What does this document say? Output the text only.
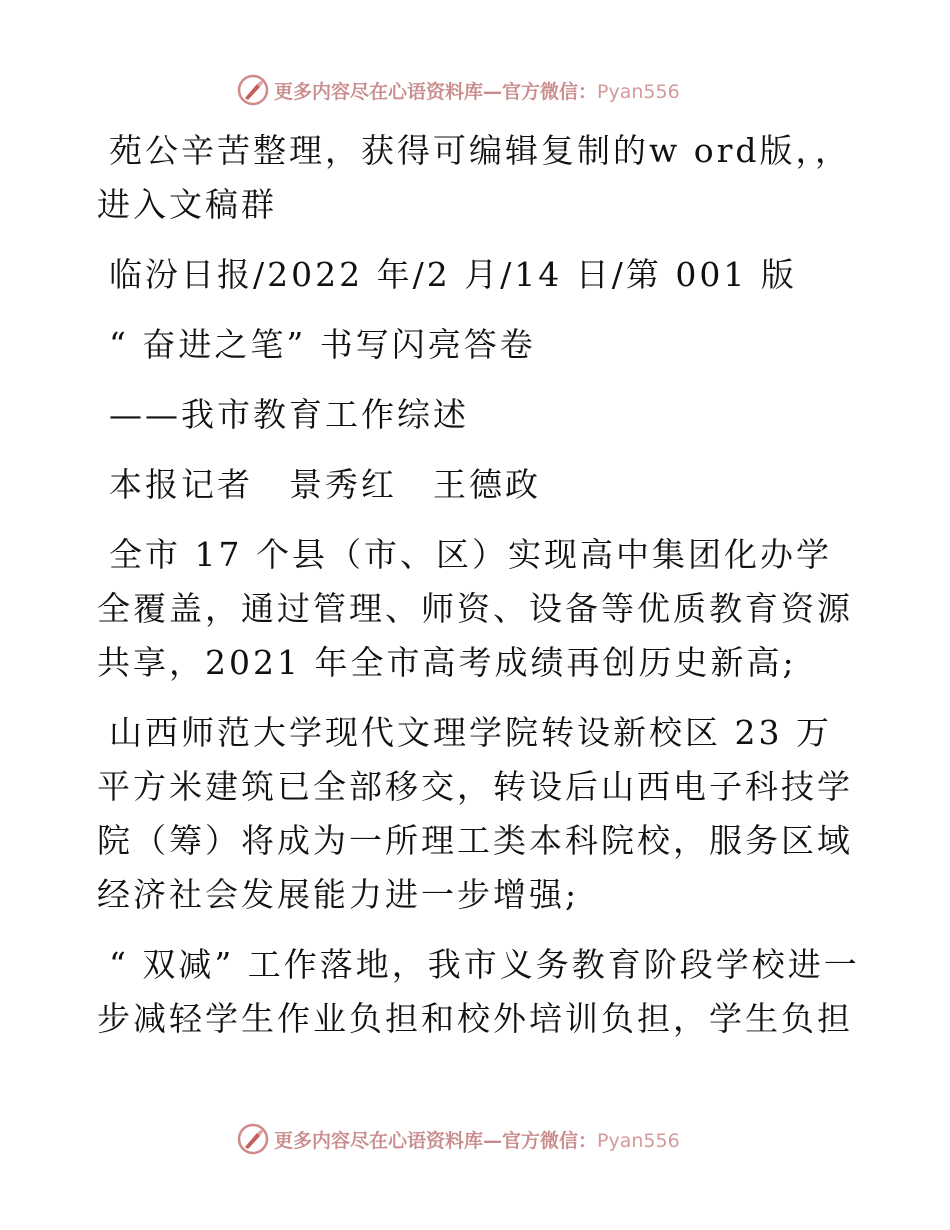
更多内容尽在心语资料库—官方微信：Pyan556

苑公辛苦整理，获得可编辑复制的w ord版，，
进入文稿群

临汾日报/2022 年/2 月/14 日/第 001 版

“ 奋进之笔” 书写闪亮答卷

——我市教育工作综述

本报记者　景秀红　王德政

全市 17 个县（市、区）实现高中集团化办学全覆盖，通过管理、师资、设备等优质教育资源共享，2021 年全市高考成绩再创历史新高;

山西师范大学现代文理学院转设新校区 23 万平方米建筑已全部移交，转设后山西电子科技学院（筹）将成为一所理工类本科院校，服务区域经济社会发展能力进一步增强;

“ 双减” 工作落地，我市义务教育阶段学校进一步减轻学生作业负担和校外培训负担，学生负担

更多内容尽在心语资料库—官方微信：Pyan556
